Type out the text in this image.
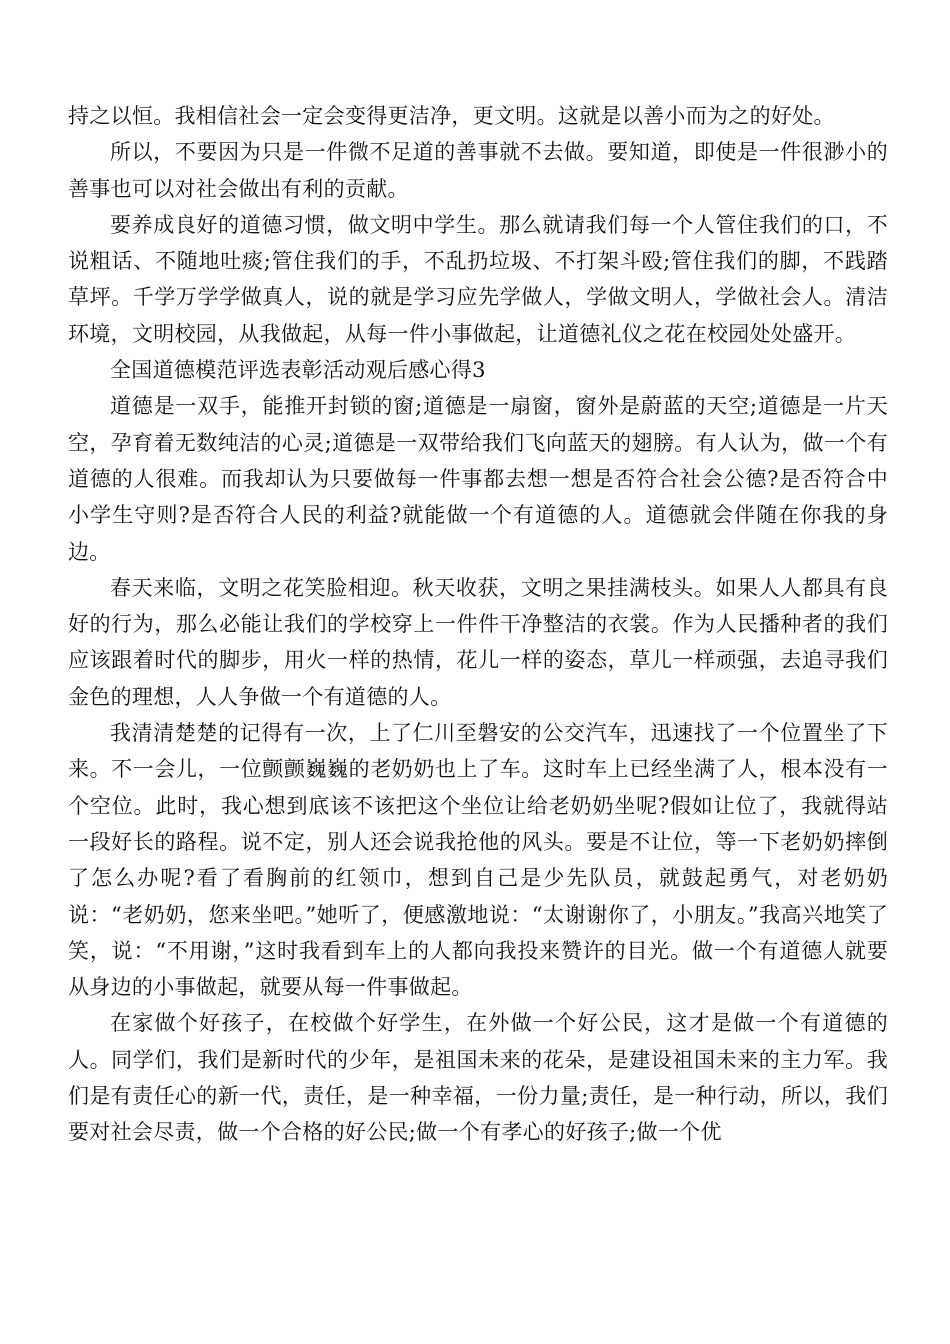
持之以恒。我相信社会一定会变得更洁净，更文明。这就是以善小而为之的好处。

所以，不要因为只是一件微不足道的善事就不去做。要知道，即使是一件很渺小的善事也可以对社会做出有利的贡献。

要养成良好的道德习惯，做文明中学生。那么就请我们每一个人管住我们的口，不说粗话、不随地吐痰;管住我们的手，不乱扔垃圾、不打架斗殴;管住我们的脚，不践踏草坪。千学万学学做真人，说的就是学习应先学做人，学做文明人，学做社会人。清洁环境，文明校园，从我做起，从每一件小事做起，让道德礼仪之花在校园处处盛开。

全国道德模范评选表彰活动观后感心得3

道德是一双手，能推开封锁的窗;道德是一扇窗，窗外是蔚蓝的天空;道德是一片天空，孕育着无数纯洁的心灵;道德是一双带给我们飞向蓝天的翅膀。有人认为，做一个有道德的人很难。而我却认为只要做每一件事都去想一想是否符合社会公德?是否符合中小学生守则?是否符合人民的利益?就能做一个有道德的人。道德就会伴随在你我的身边。

春天来临，文明之花笑脸相迎。秋天收获，文明之果挂满枝头。如果人人都具有良好的行为，那么必能让我们的学校穿上一件件干净整洁的衣裳。作为人民播种者的我们应该跟着时代的脚步，用火一样的热情，花儿一样的姿态，草儿一样顽强，去追寻我们金色的理想，人人争做一个有道德的人。

我清清楚楚的记得有一次，上了仁川至磐安的公交汽车，迅速找了一个位置坐了下来。不一会儿，一位颤颤巍巍的老奶奶也上了车。这时车上已经坐满了人，根本没有一个空位。此时，我心想到底该不该把这个坐位让给老奶奶坐呢?假如让位了，我就得站一段好长的路程。说不定，别人还会说我抢他的风头。要是不让位，等一下老奶奶摔倒了怎么办呢?看了看胸前的红领巾，想到自己是少先队员，就鼓起勇气，对老奶奶说：“老奶奶，您来坐吧。”她听了，便感激地说：“太谢谢你了，小朋友。”我高兴地笑了笑，说：“不用谢，”这时我看到车上的人都向我投来赞许的目光。做一个有道德人就要从身边的小事做起，就要从每一件事做起。

在家做个好孩子，在校做个好学生，在外做一个好公民，这才是做一个有道德的人。同学们，我们是新时代的少年，是祖国未来的花朵，是建设祖国未来的主力军。我们是有责任心的新一代，责任，是一种幸福，一份力量;责任，是一种行动，所以，我们要对社会尽责，做一个合格的好公民;做一个有孝心的好孩子;做一个优
